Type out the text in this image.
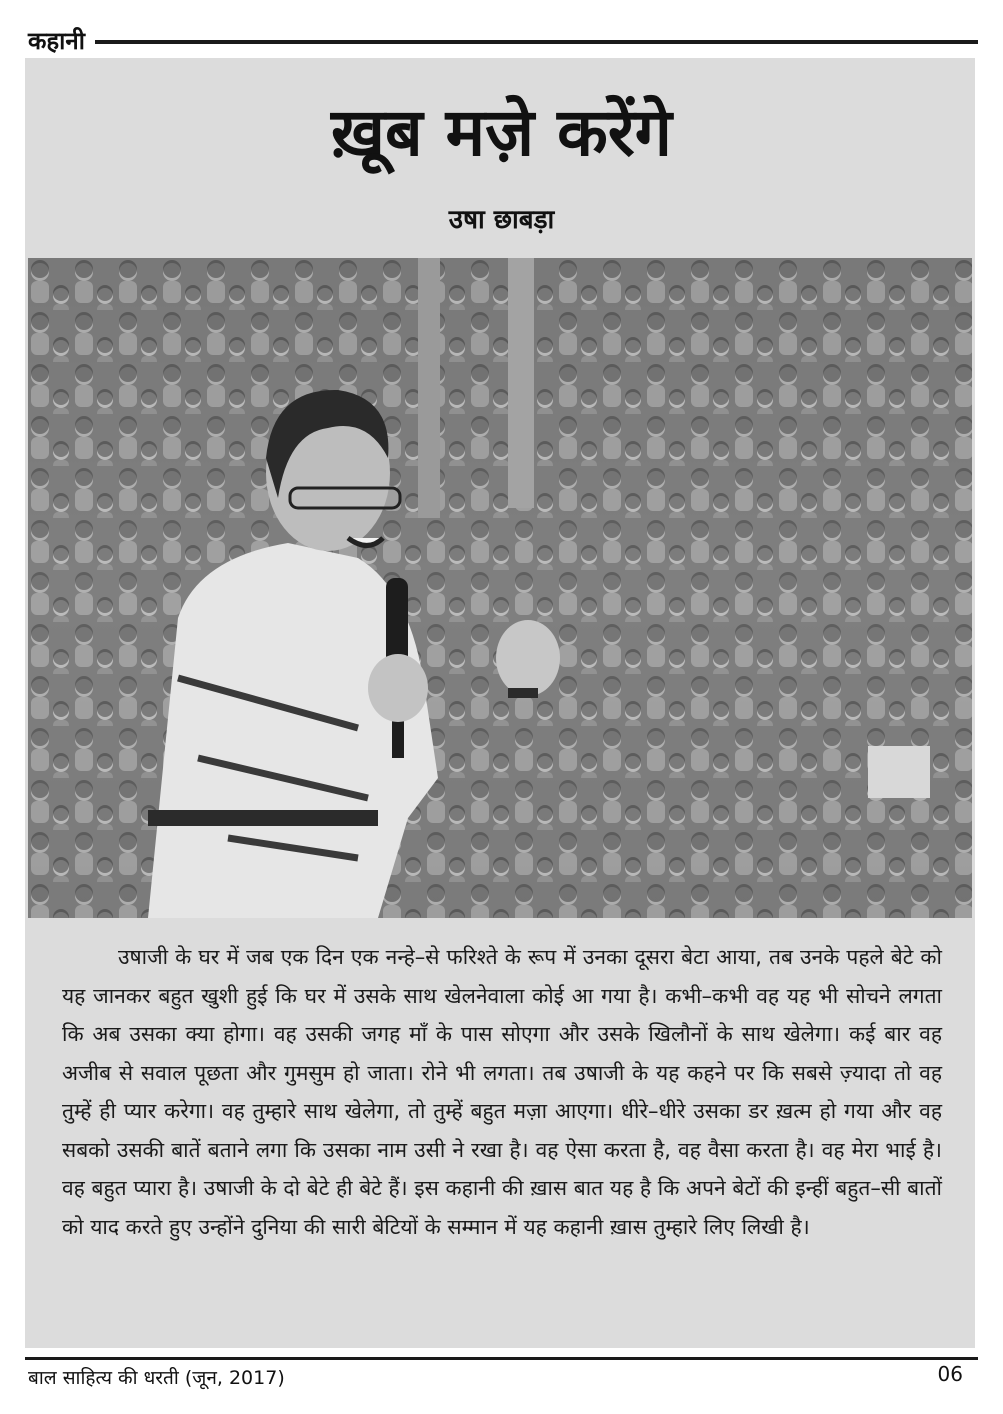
कहानी
ख़ूब मज़े करेंगे
उषा छाबड़ा

उषाजी के घर में जब एक दिन एक नन्हे–से फरिश्ते के रूप में उनका दूसरा बेटा आया, तब उनके पहले बेटे को यह जानकर बहुत खुशी हुई कि घर में उसके साथ खेलनेवाला कोई आ गया है। कभी–कभी वह यह भी सोचने लगता कि अब उसका क्या होगा। वह उसकी जगह माँ के पास सोएगा और उसके खिलौनों के साथ खेलेगा। कई बार वह अजीब से सवाल पूछता और गुमसुम हो जाता। रोने भी लगता। तब उषाजी के यह कहने पर कि सबसे ज़्यादा तो वह तुम्हें ही प्यार करेगा। वह तुम्हारे साथ खेलेगा, तो तुम्हें बहुत मज़ा आएगा। धीरे–धीरे उसका डर ख़त्म हो गया और वह सबको उसकी बातें बताने लगा कि उसका नाम उसी ने रखा है। वह ऐसा करता है, वह वैसा करता है। वह मेरा भाई है। वह बहुत प्यारा है। उषाजी के दो बेटे ही बेटे हैं। इस कहानी की ख़ास बात यह है कि अपने बेटों की इन्हीं बहुत–सी बातों को याद करते हुए उन्होंने दुनिया की सारी बेटियों के सम्मान में यह कहानी ख़ास तुम्हारे लिए लिखी है।

बाल साहित्य की धरती (जून, 2017)	06
